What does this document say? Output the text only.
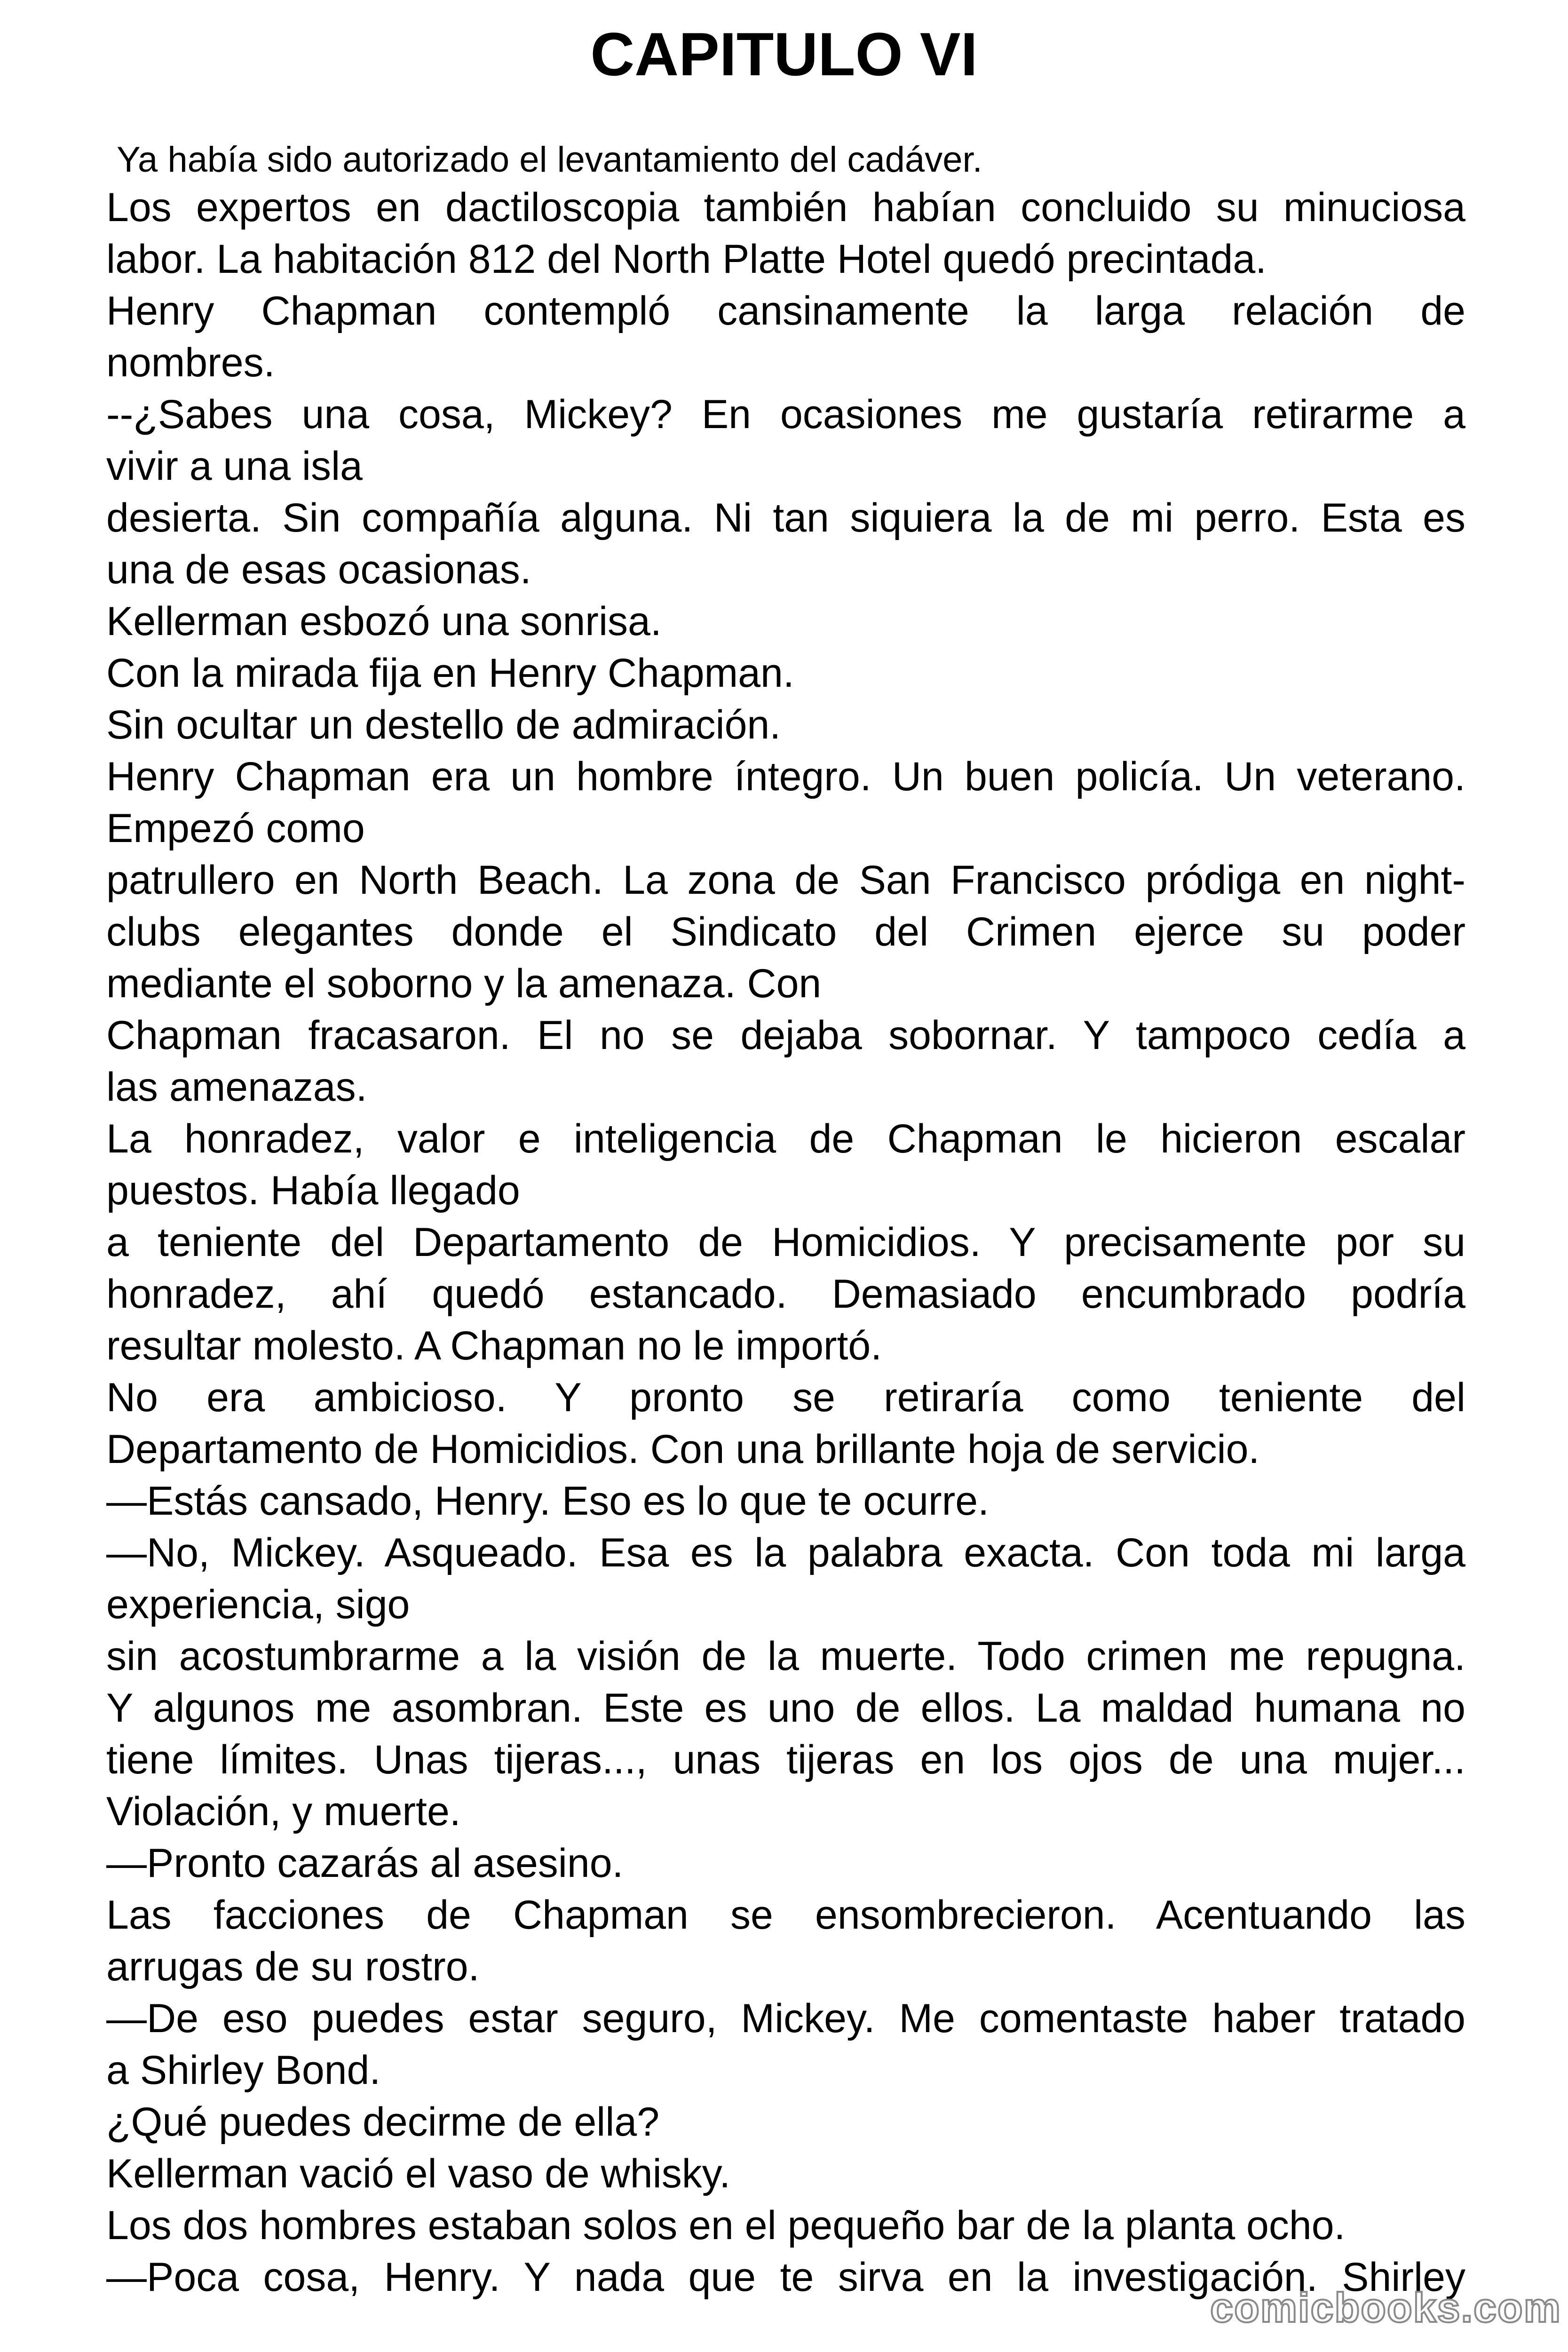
CAPITULO VI

Ya había sido autorizado el levantamiento del cadáver.

Los expertos en dactiloscopia también habían concluido su minuciosa
labor. La habitación 812 del North Platte Hotel quedó precintada.
Henry Chapman contempló cansinamente la larga relación de
nombres.
--¿Sabes una cosa, Mickey? En ocasiones me gustaría retirarme a
vivir a una isla
desierta. Sin compañía alguna. Ni tan siquiera la de mi perro. Esta es
una de esas ocasionas.
Kellerman esbozó una sonrisa.
Con la mirada fija en Henry Chapman.
Sin ocultar un destello de admiración.
Henry Chapman era un hombre íntegro. Un buen policía. Un veterano.
Empezó como
patrullero en North Beach. La zona de San Francisco pródiga en night-
clubs elegantes donde el Sindicato del Crimen ejerce su poder
mediante el soborno y la amenaza. Con
Chapman fracasaron. El no se dejaba sobornar. Y tampoco cedía a
las amenazas.
La honradez, valor e inteligencia de Chapman le hicieron escalar
puestos. Había llegado
a teniente del Departamento de Homicidios. Y precisamente por su
honradez, ahí quedó estancado. Demasiado encumbrado podría
resultar molesto. A Chapman no le importó.
No era ambicioso. Y pronto se retiraría como teniente del
Departamento de Homicidios. Con una brillante hoja de servicio.
—Estás cansado, Henry. Eso es lo que te ocurre.
—No, Mickey. Asqueado. Esa es la palabra exacta. Con toda mi larga
experiencia, sigo
sin acostumbrarme a la visión de la muerte. Todo crimen me repugna.
Y algunos me asombran. Este es uno de ellos. La maldad humana no
tiene límites. Unas tijeras..., unas tijeras en los ojos de una mujer...
Violación, y muerte.
—Pronto cazarás al asesino.
Las facciones de Chapman se ensombrecieron. Acentuando las
arrugas de su rostro.
—De eso puedes estar seguro, Mickey. Me comentaste haber tratado
a Shirley Bond.
¿Qué puedes decirme de ella?
Kellerman vació el vaso de whisky.
Los dos hombres estaban solos en el pequeño bar de la planta ocho.
—Poca cosa, Henry. Y nada que te sirva en la investigación. Shirley
comicbooks.com
